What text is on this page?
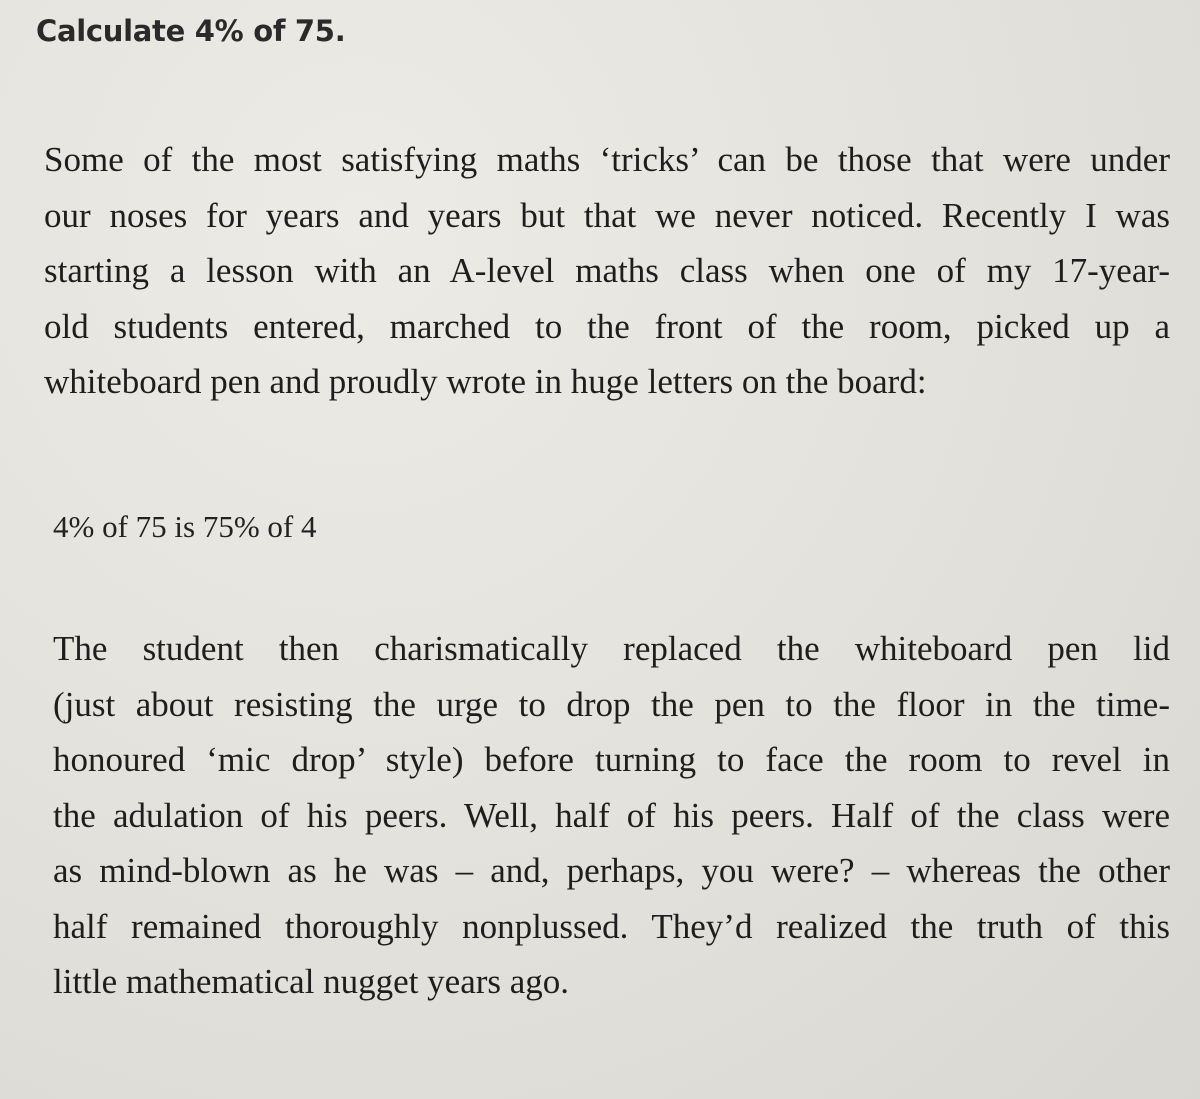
Calculate 4% of 75.
Some of the most satisfying maths ‘tricks’ can be those that were under
our noses for years and years but that we never noticed. Recently I was
starting a lesson with an A-level maths class when one of my 17-year-
old students entered, marched to the front of the room, picked up a
whiteboard pen and proudly wrote in huge letters on the board:
4% of 75 is 75% of 4
The student then charismatically replaced the whiteboard pen lid
(just about resisting the urge to drop the pen to the floor in the time-
honoured ‘mic drop’ style) before turning to face the room to revel in
the adulation of his peers. Well, half of his peers. Half of the class were
as mind-blown as he was – and, perhaps, you were? – whereas the other
half remained thoroughly nonplussed. They’d realized the truth of this
little mathematical nugget years ago.
